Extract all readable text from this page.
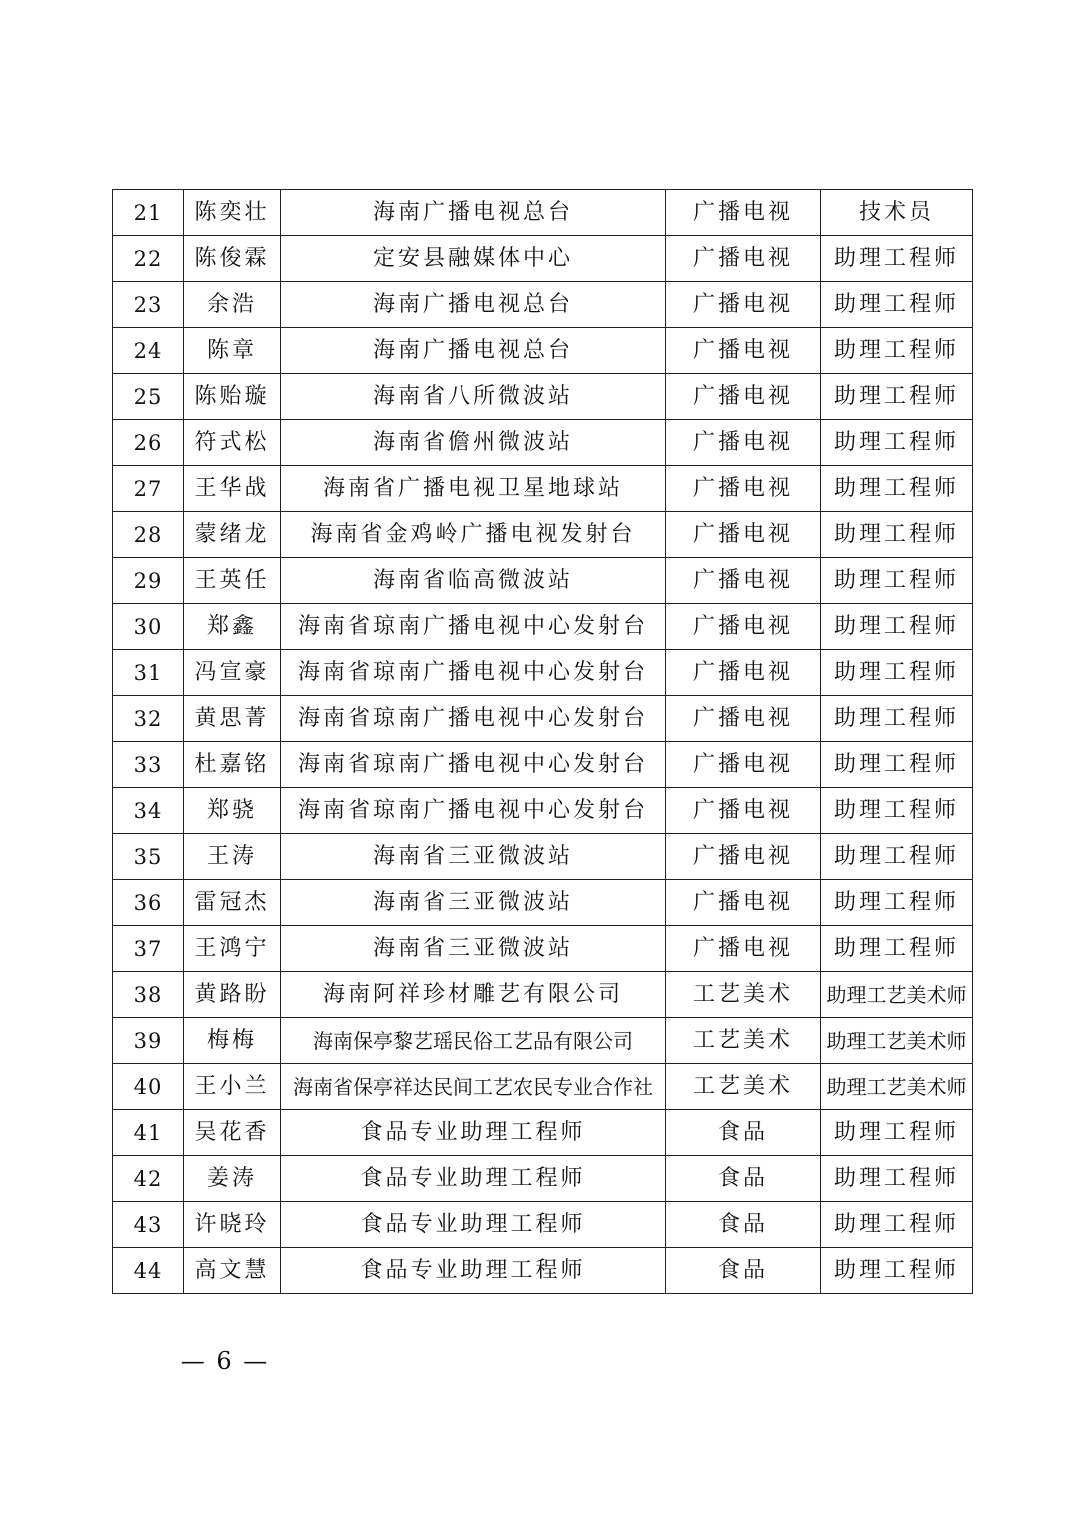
21	陈奕壮	海南广播电视总台	广播电视	技术员
22	陈俊霖	定安县融媒体中心	广播电视	助理工程师
23	余浩	海南广播电视总台	广播电视	助理工程师
24	陈章	海南广播电视总台	广播电视	助理工程师
25	陈贻璇	海南省八所微波站	广播电视	助理工程师
26	符式松	海南省儋州微波站	广播电视	助理工程师
27	王华战	海南省广播电视卫星地球站	广播电视	助理工程师
28	蒙绪龙	海南省金鸡岭广播电视发射台	广播电视	助理工程师
29	王英任	海南省临高微波站	广播电视	助理工程师
30	郑鑫	海南省琼南广播电视中心发射台	广播电视	助理工程师
31	冯宣豪	海南省琼南广播电视中心发射台	广播电视	助理工程师
32	黄思菁	海南省琼南广播电视中心发射台	广播电视	助理工程师
33	杜嘉铭	海南省琼南广播电视中心发射台	广播电视	助理工程师
34	郑骁	海南省琼南广播电视中心发射台	广播电视	助理工程师
35	王涛	海南省三亚微波站	广播电视	助理工程师
36	雷冠杰	海南省三亚微波站	广播电视	助理工程师
37	王鸿宁	海南省三亚微波站	广播电视	助理工程师
38	黄路盼	海南阿祥珍材雕艺有限公司	工艺美术	助理工艺美术师
39	梅梅	海南保亭黎艺瑶民俗工艺品有限公司	工艺美术	助理工艺美术师
40	王小兰	海南省保亭祥达民间工艺农民专业合作社	工艺美术	助理工艺美术师
41	吴花香	食品专业助理工程师	食品	助理工程师
42	姜涛	食品专业助理工程师	食品	助理工程师
43	许晓玲	食品专业助理工程师	食品	助理工程师
44	高文慧	食品专业助理工程师	食品	助理工程师
— 6 —
